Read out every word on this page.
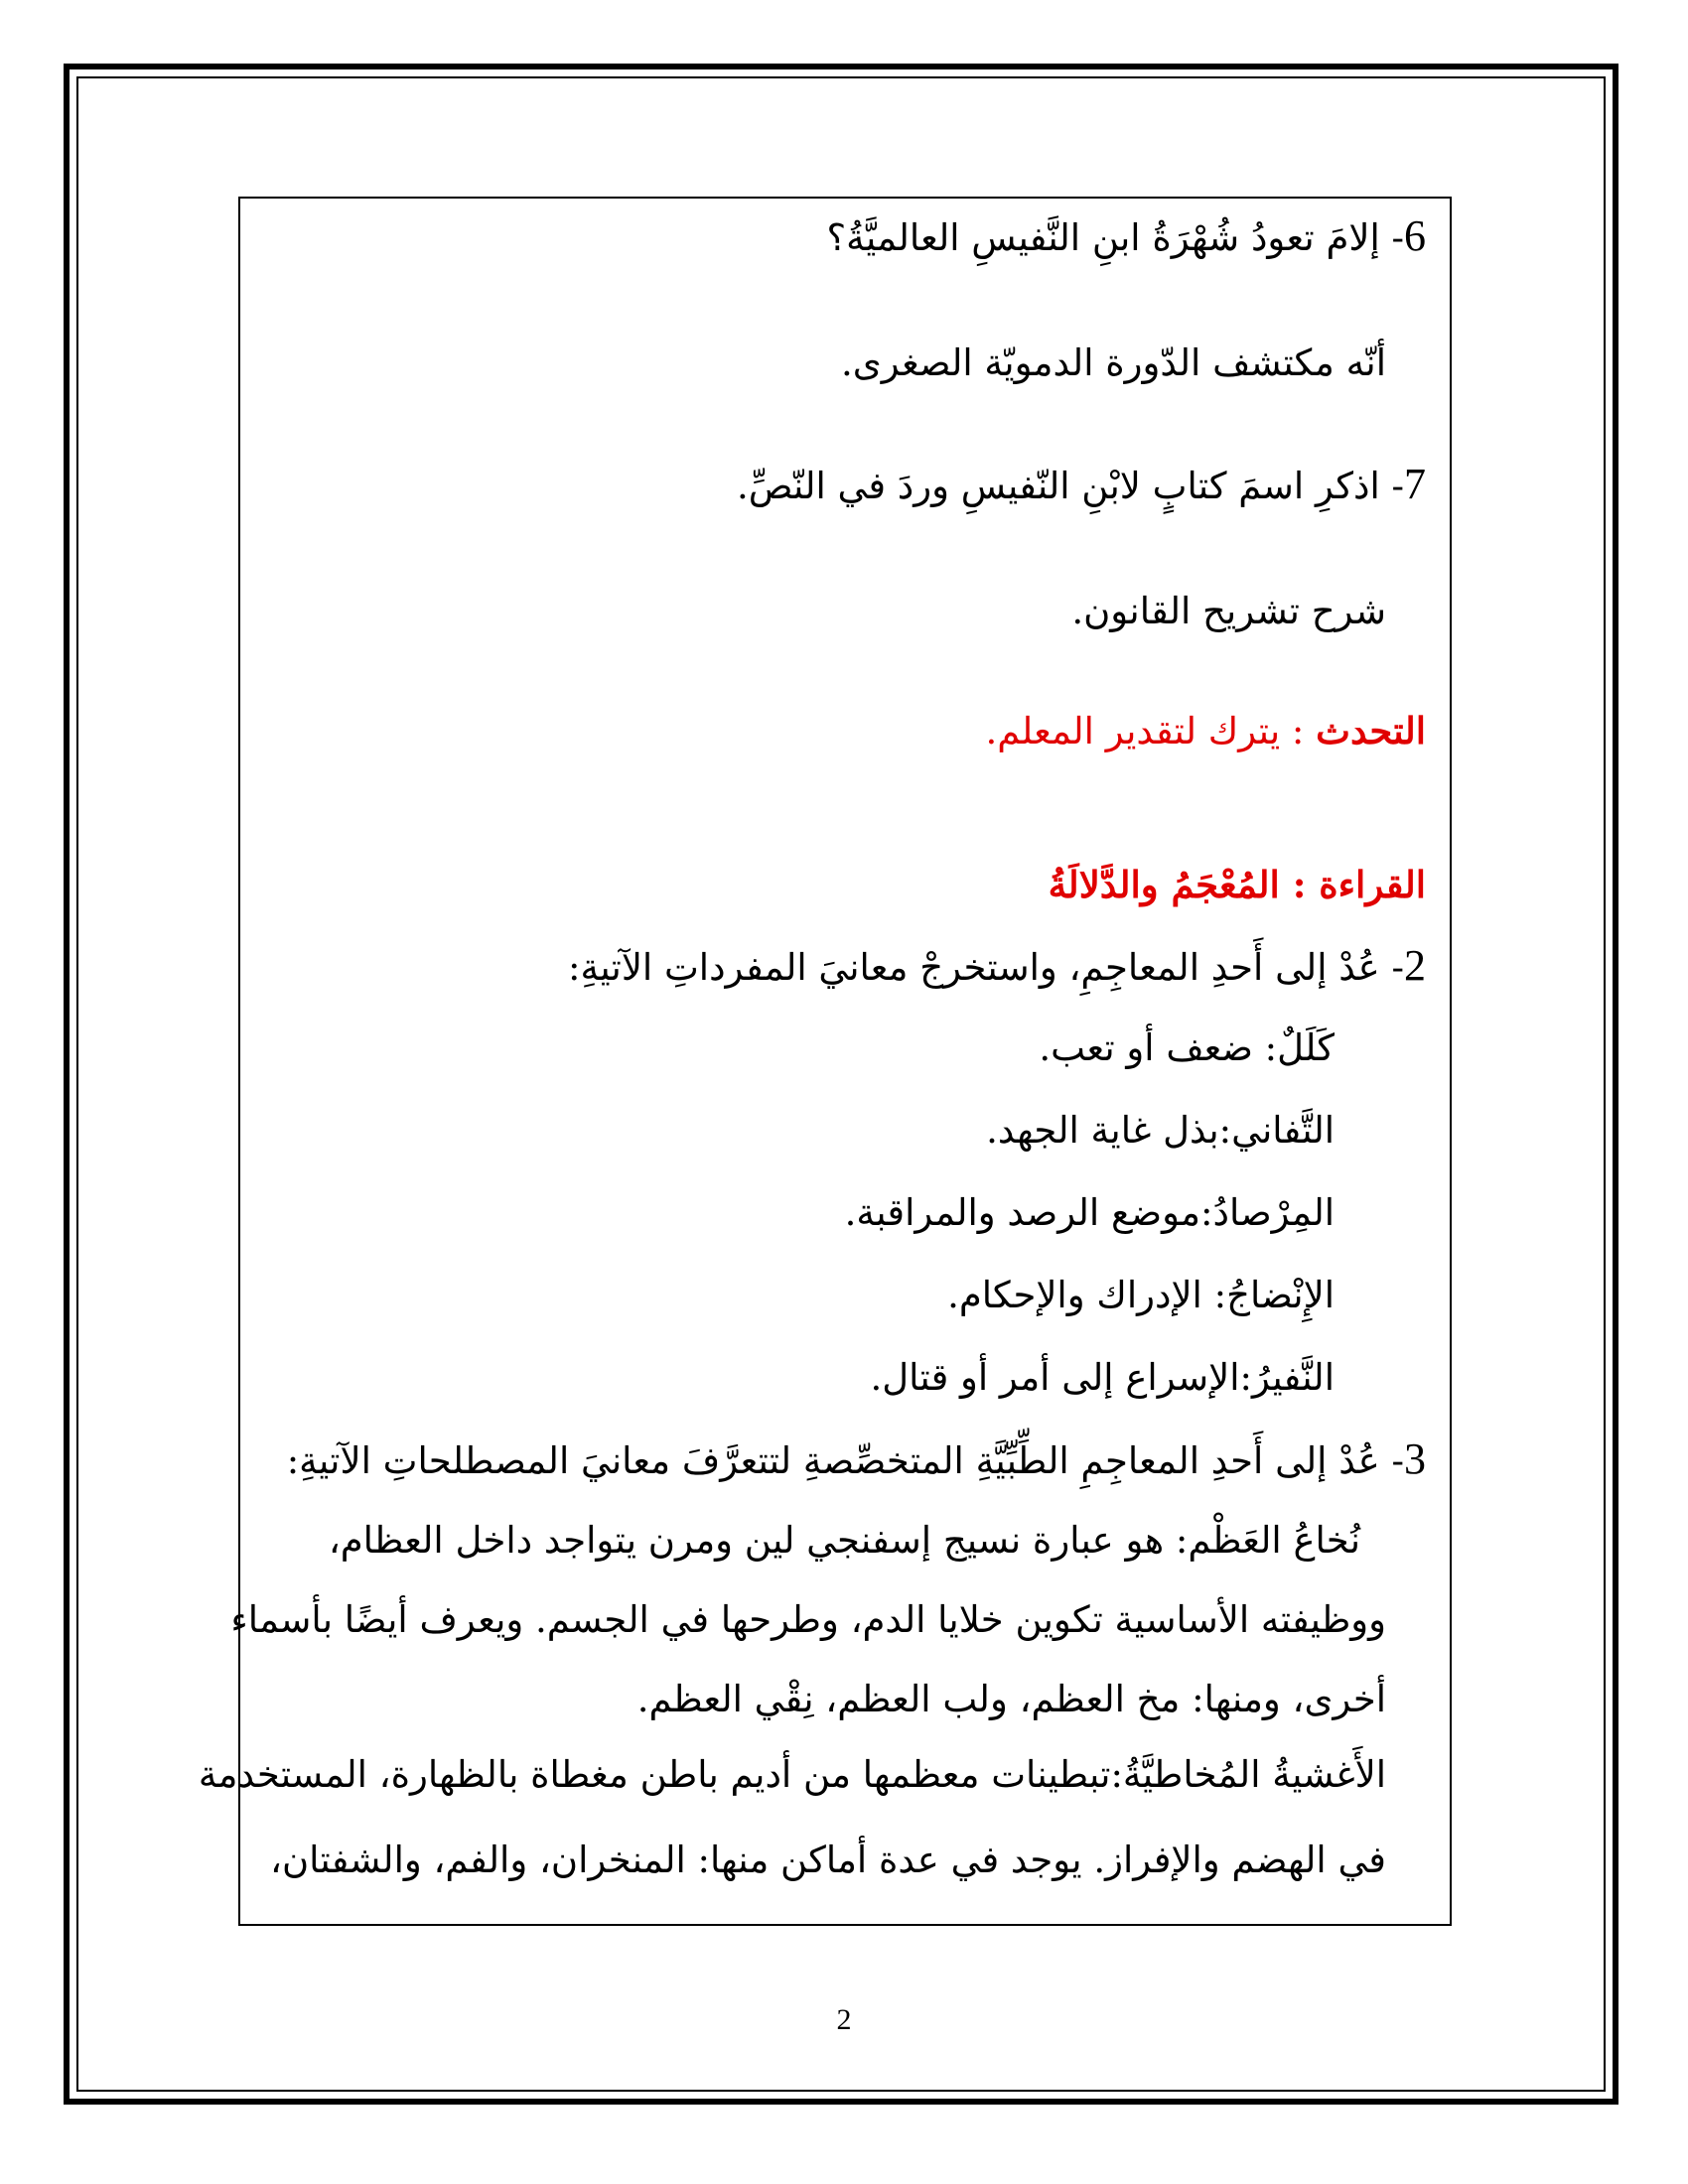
6- إلامَ تعودُ شُهْرَةُ ابنِ النَّفيسِ العالميَّةُ؟
أنّه مكتشف الدّورة الدمويّة الصغرى.
7- اذكرِ اسمَ كتابٍ لابْنِ النّفيسِ وردَ في النّصِّ.
شرح تشريح القانون.
التحدث : يترك لتقدير المعلم.
القراءة : المُعْجَمُ والدَّلالَةُ
2- عُدْ إلى أَحدِ المعاجِمِ، واستخرجْ معانيَ المفرداتِ الآتيةِ:
كَلَلٌ: ضعف أو تعب.
التَّفاني:بذل غاية الجهد.
المِرْصادُ:موضع الرصد والمراقبة.
الإِنْضاجُ: الإدراك والإحكام.
النَّفيرُ:الإسراع إلى أمر أو قتال.
3- عُدْ إلى أَحدِ المعاجِمِ الطِّبِّيَّةِ المتخصِّصةِ لتتعرَّفَ معانيَ المصطلحاتِ الآتيةِ:
نُخاعُ العَظْم: هو عبارة نسيج إسفنجي لين ومرن يتواجد داخل العظام،
ووظيفته الأساسية تكوين خلايا الدم، وطرحها في الجسم. ويعرف أيضًا بأسماء
أخرى، ومنها: مخ العظم، ولب العظم، نِقْي العظم.
الأَغشيةُ المُخاطيَّةُ:تبطينات معظمها من أديم باطن مغطاة بالظهارة، المستخدمة
في الهضم والإفراز. يوجد في عدة أماكن منها: المنخران، والفم، والشفتان،
2
